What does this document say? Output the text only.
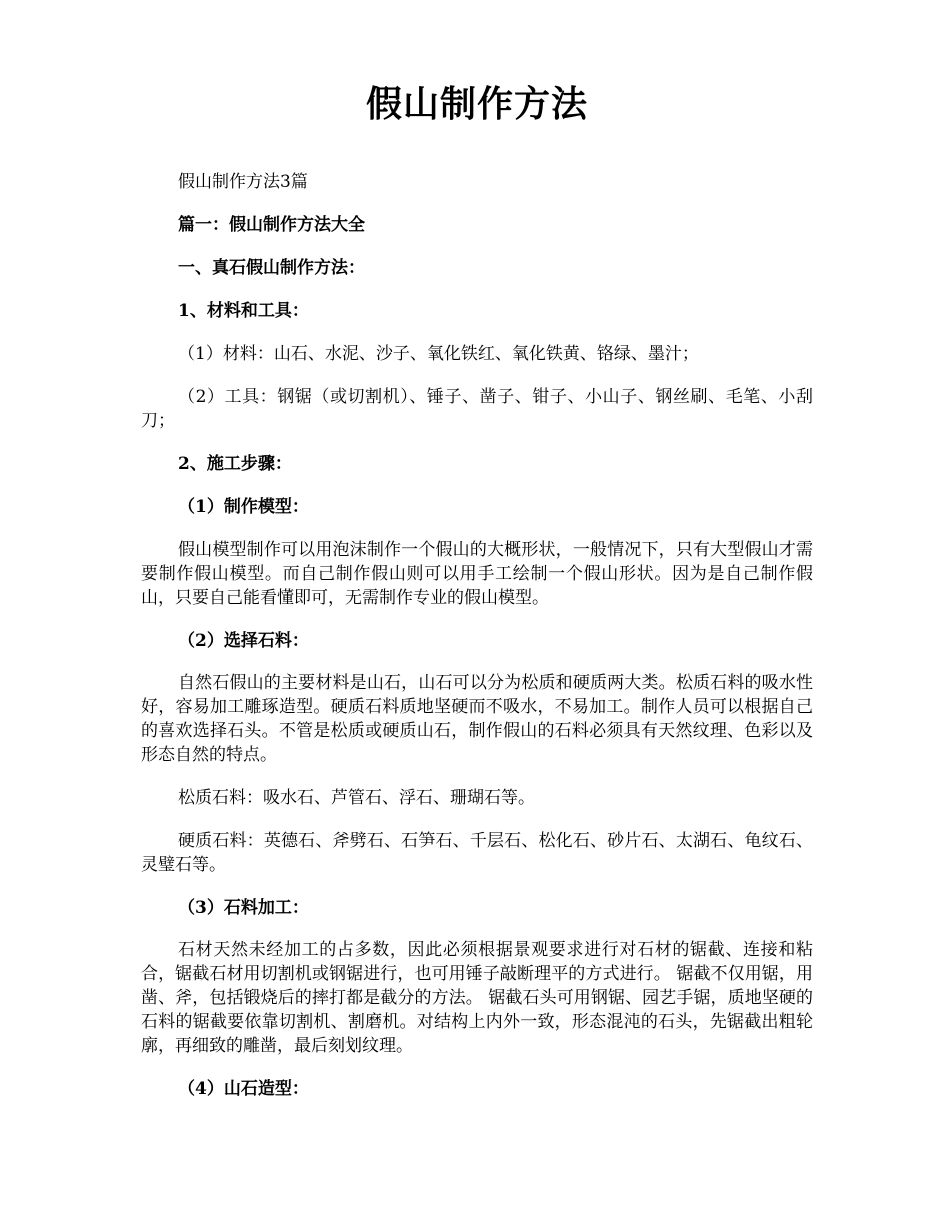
假山制作方法

假山制作方法3篇

篇一：假山制作方法大全

一、真石假山制作方法：

1、材料和工具：

（1）材料：山石、水泥、沙子、氧化铁红、氧化铁黄、铬绿、墨汁；

（2）工具：钢锯（或切割机）、锤子、凿子、钳子、小山子、钢丝刷、毛笔、小刮刀；

2、施工步骤：

（1）制作模型：

假山模型制作可以用泡沫制作一个假山的大概形状，一般情况下，只有大型假山才需要制作假山模型。而自己制作假山则可以用手工绘制一个假山形状。因为是自己制作假山，只要自己能看懂即可，无需制作专业的假山模型。

（2）选择石料：

自然石假山的主要材料是山石，山石可以分为松质和硬质两大类。松质石料的吸水性好，容易加工雕琢造型。硬质石料质地坚硬而不吸水，不易加工。制作人员可以根据自己的喜欢选择石头。不管是松质或硬质山石，制作假山的石料必须具有天然纹理、色彩以及形态自然的特点。

松质石料：吸水石、芦管石、浮石、珊瑚石等。

硬质石料：英德石、斧劈石、石笋石、千层石、松化石、砂片石、太湖石、龟纹石、灵璧石等。

（3）石料加工：

石材天然未经加工的占多数，因此必须根据景观要求进行对石材的锯截、连接和粘合，锯截石材用切割机或钢锯进行，也可用锤子敲断理平的方式进行。 锯截不仅用锯，用凿、斧，包括锻烧后的摔打都是截分的方法。 锯截石头可用钢锯、园艺手锯，质地坚硬的石料的锯截要依靠切割机、割磨机。对结构上内外一致，形态混沌的石头，先锯截出粗轮廓，再细致的雕凿，最后刻划纹理。

（4）山石造型：
